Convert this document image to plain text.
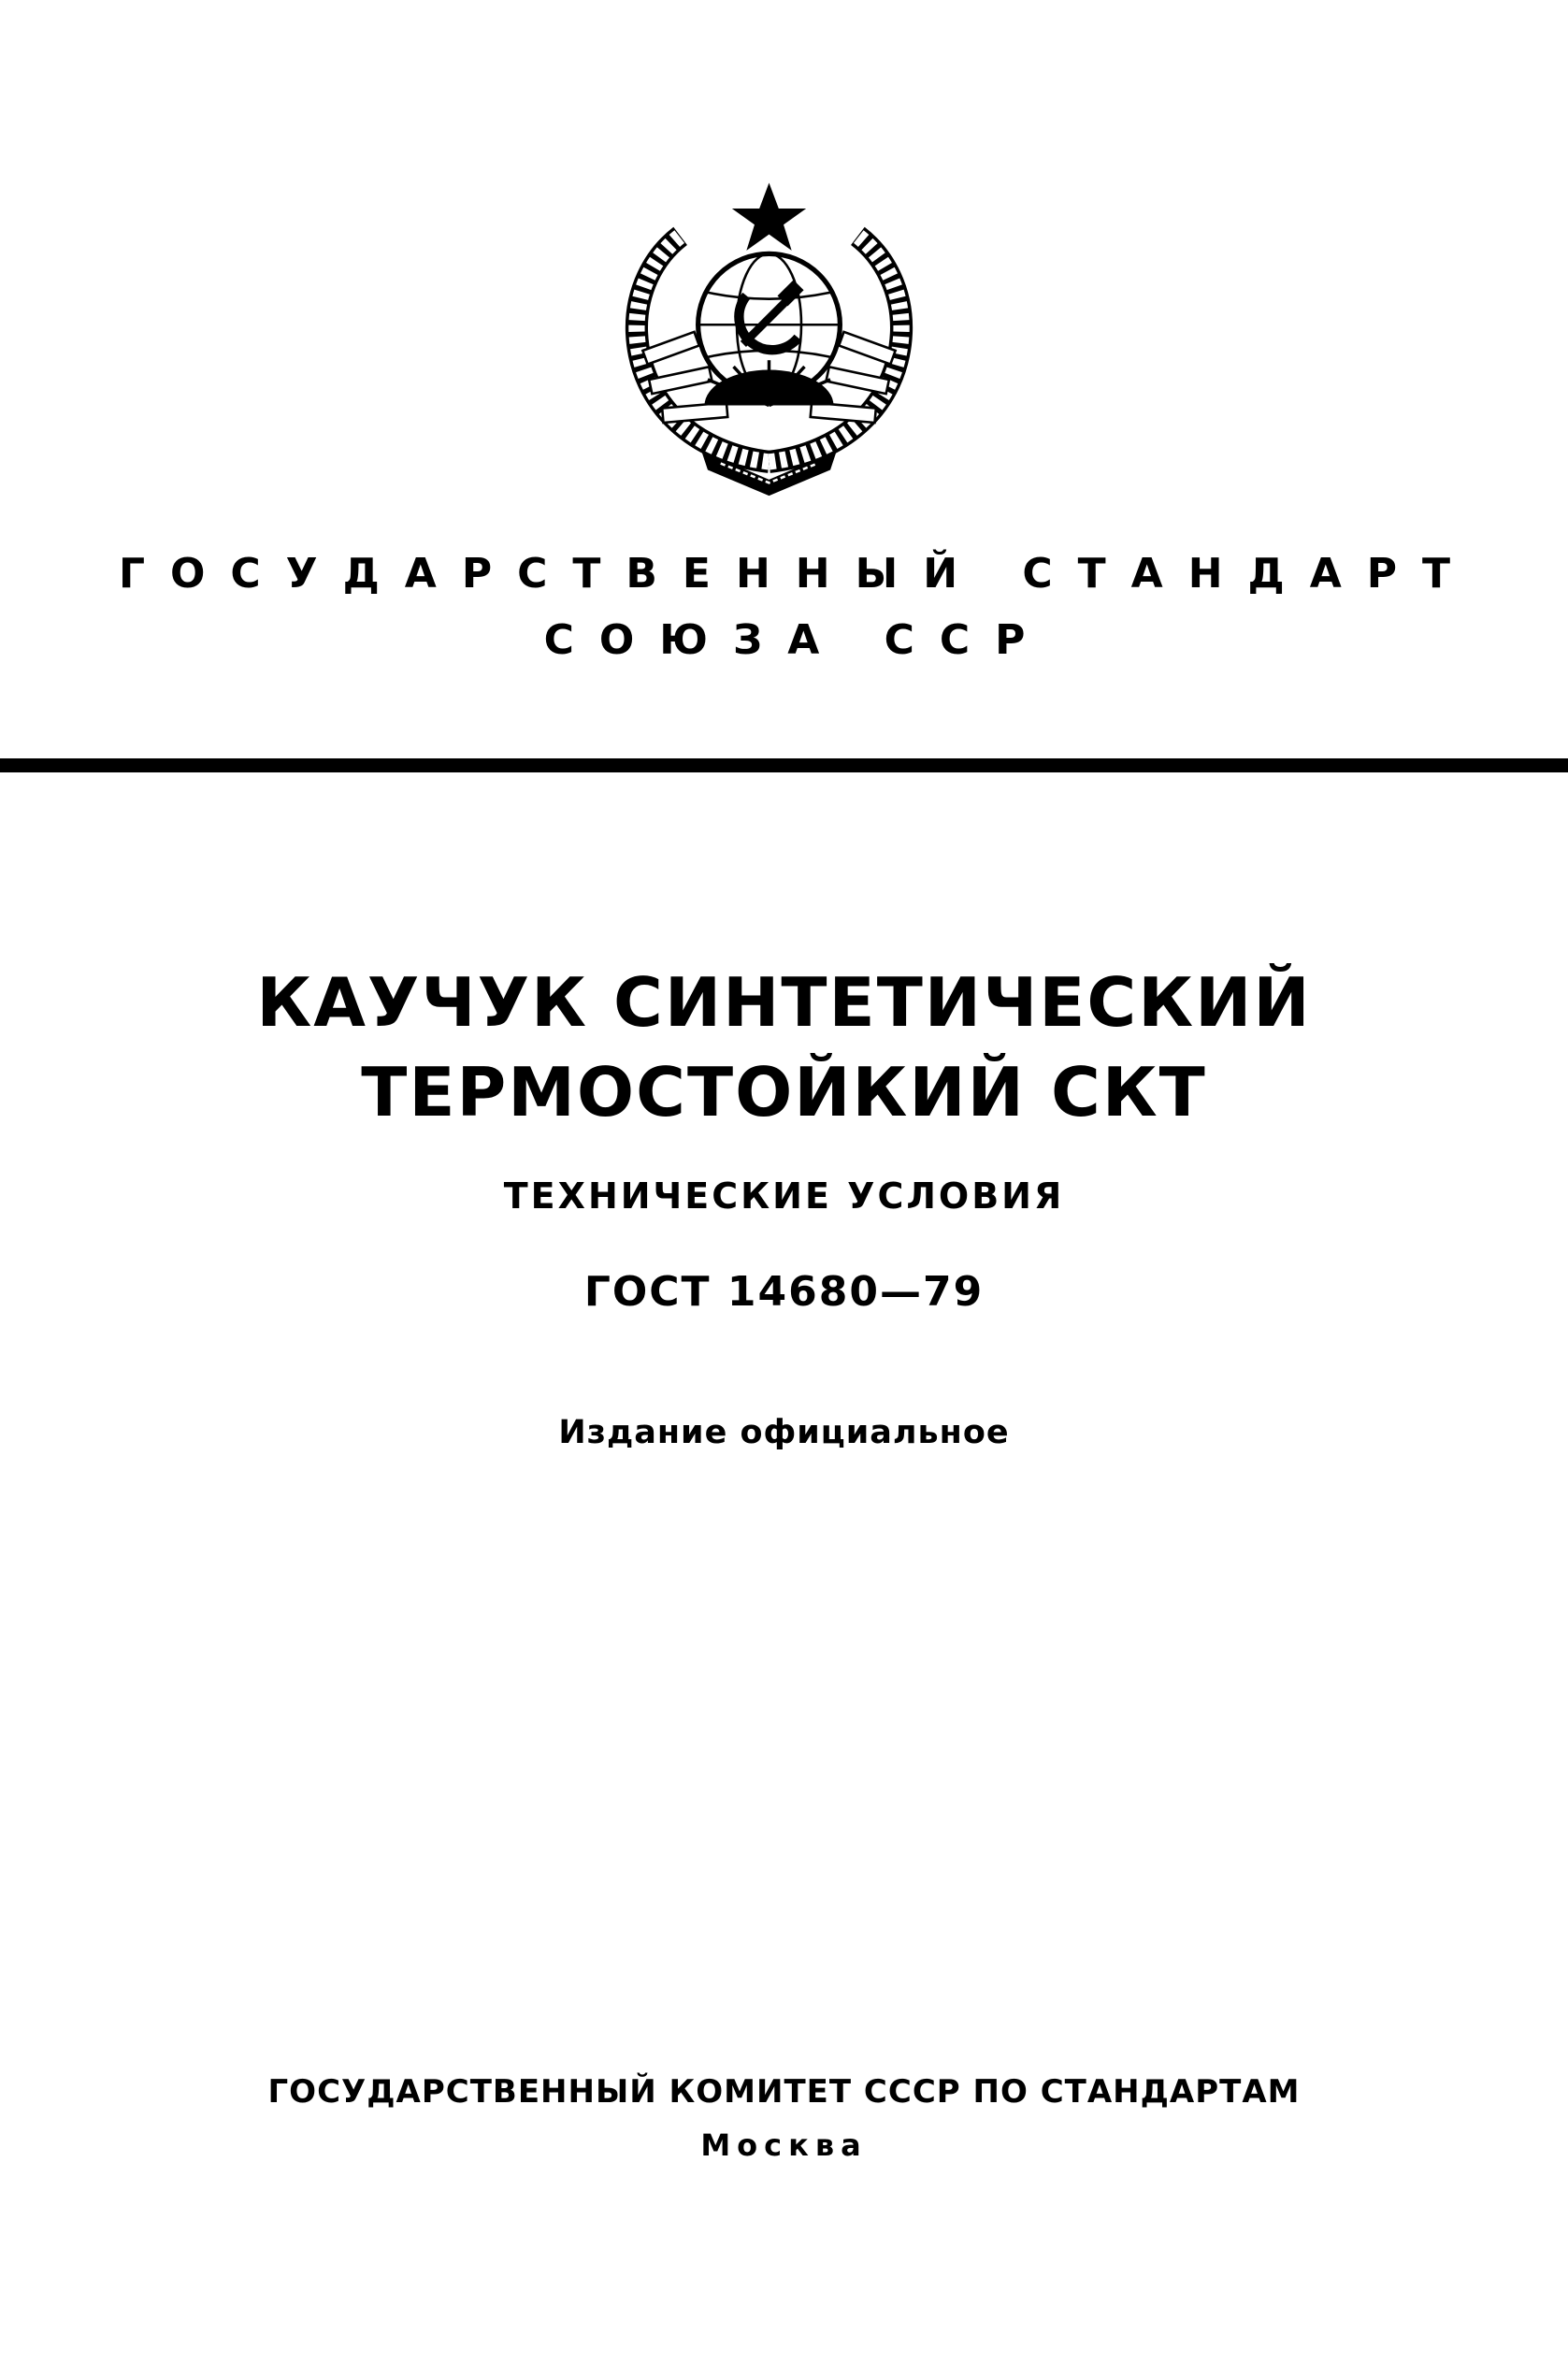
ГОСУДАРСТВЕННЫЙ СТАНДАРТ
СОЮЗА ССР
КАУЧУК СИНТЕТИЧЕСКИЙ
ТЕРМОСТОЙКИЙ СКТ
ТЕХНИЧЕСКИЕ УСЛОВИЯ
ГОСТ 14680—79
Издание официальное
ГОСУДАРСТВЕННЫЙ КОМИТЕТ СССР ПО СТАНДАРТАМ
Москва
